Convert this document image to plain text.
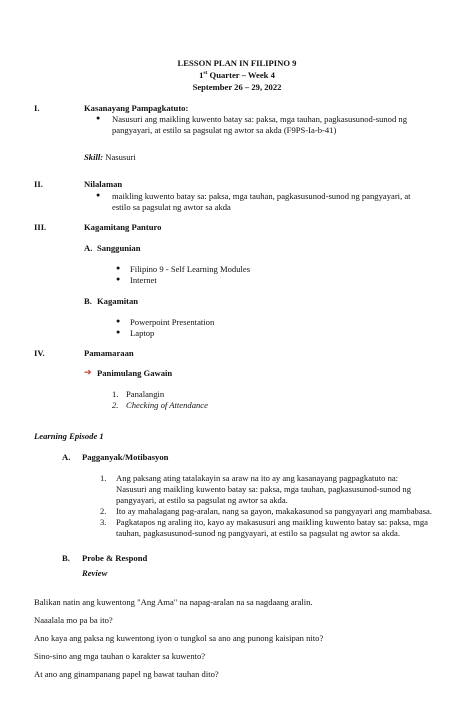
LESSON PLAN IN FILIPINO 9
1st Quarter – Week 4
September 26 – 29, 2022
I.	Kasanayang Pampagkatuto:
● Nasusuri ang maikling kuwento batay sa: paksa, mga tauhan, pagkasusunod-sunod ng
pangyayari, at estilo sa pagsulat ng awtor sa akda (F9PS-Ia-b-41)
Skill: Nasusuri
II.	Nilalaman
● maikling kuwento batay sa: paksa, mga tauhan, pagkasusunod-sunod ng pangyayari, at
estilo sa pagsulat ng awtor sa akda
III.	Kagamitang Panturo
A. Sanggunian
● Filipino 9 - Self Learning Modules
● Internet
B. Kagamitan
● Powerpoint Presentation
● Laptop
IV.	Pamamaraan
➔ Panimulang Gawain
1. Panalangin
2. Checking of Attendance
Learning Episode 1
A. Pagganyak/Motibasyon
1. Ang paksang ating tatalakayin sa araw na ito ay ang kasanayang pagpagkatuto na:
Nasusuri ang maikling kuwento batay sa: paksa, mga tauhan, pagkasusunod-sunod ng
pangyayari, at estilo sa pagsulat ng awtor sa akda.
2. Ito ay mahalagang pag-aralan, nang sa gayon, makakasunod sa pangyayari ang mambabasa.
3. Pagkatapos ng araling ito, kayo ay makasusuri ang maikling kuwento batay sa: paksa, mga
tauhan, pagkasusunod-sunod ng pangyayari, at estilo sa pagsulat ng awtor sa akda.
B. Probe & Respond
Review
Balikan natin ang kuwentong "Ang Ama" na napag-aralan na sa nagdaang aralin.
Naaalala mo pa ba ito?
Ano kaya ang paksa ng kuwentong iyon o tungkol sa ano ang punong kaisipan nito?
Sino-sino ang mga tauhan o karakter sa kuwento?
At ano ang ginampanang papel ng bawat tauhan dito?
